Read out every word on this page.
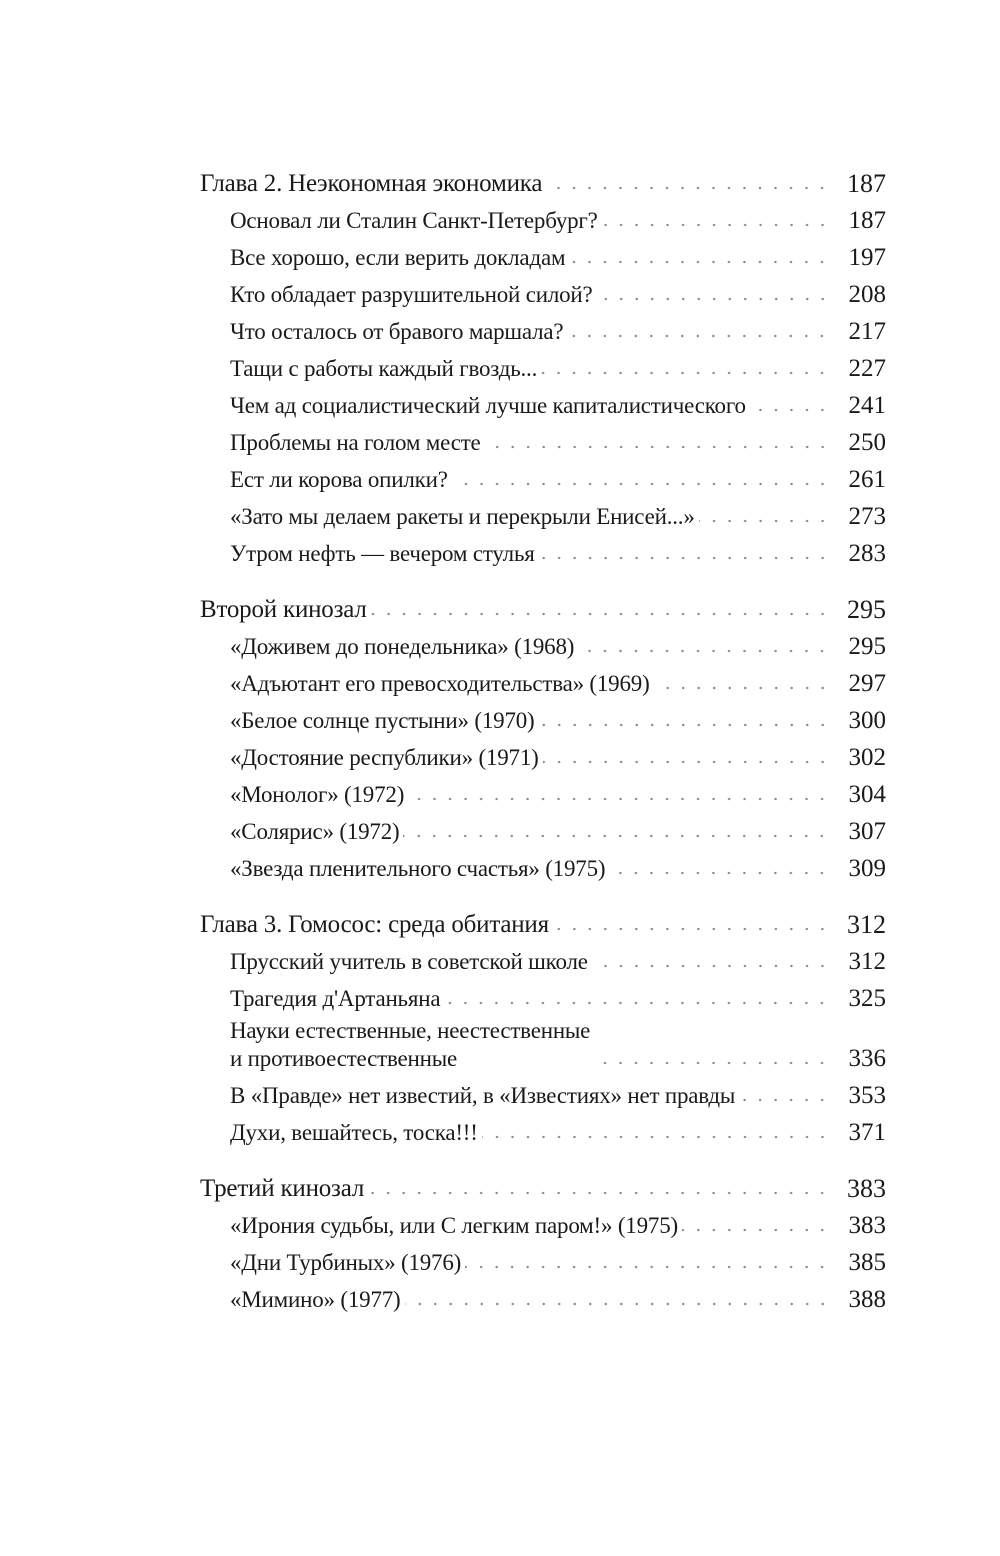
Глава 2. Неэкономная экономика	187
Основал ли Сталин Санкт-Петербург?	187
Все хорошо, если верить докладам	197
Кто обладает разрушительной силой?	208
Что осталось от бравого маршала?	217
Тащи с работы каждый гвоздь...	227
Чем ад социалистический лучше капиталистического	241
Проблемы на голом месте	250
Ест ли корова опилки?	261
«Зато мы делаем ракеты и перекрыли Енисей...»	273
Утром нефть — вечером стулья	283
Второй кинозал	295
«Доживем до понедельника» (1968)	295
«Адъютант его превосходительства» (1969)	297
«Белое солнце пустыни» (1970)	300
«Достояние республики» (1971)	302
«Монолог» (1972)	304
«Солярис» (1972)	307
«Звезда пленительного счастья» (1975)	309
Глава 3. Гомосос: среда обитания	312
Прусский учитель в советской школе	312
Трагедия д'Артаньяна	325
Науки естественные, неестественные
и противоестественные	336
В «Правде» нет известий, в «Известиях» нет правды	353
Духи, вешайтесь, тоска!!!	371
Третий кинозал	383
«Ирония судьбы, или С легким паром!» (1975)	383
«Дни Турбиных» (1976)	385
«Мимино» (1977)	388
